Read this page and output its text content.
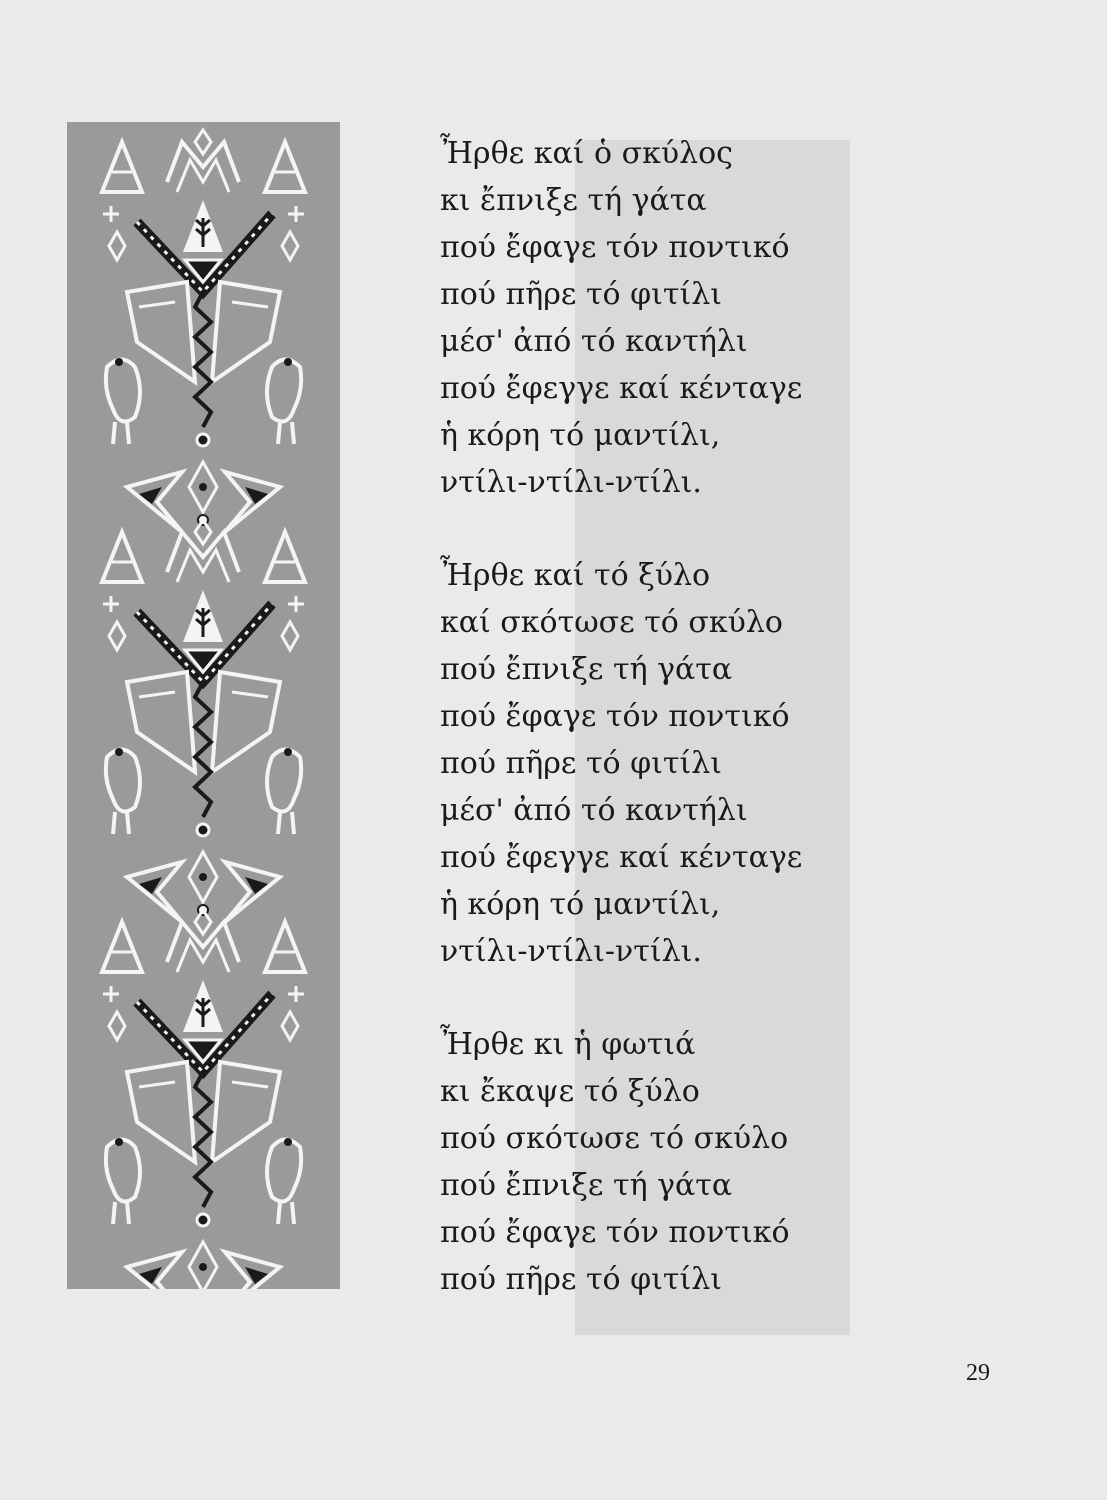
Ἦρθε καί ὁ σκύλος
κι ἔπνιξε τή γάτα
πού ἔφαγε τόν ποντικό
πού πῆρε τό φιτίλι
μέσ' ἀπό τό καντήλι
πού ἔφεγγε καί κένταγε
ἡ κόρη τό μαντίλι,
ντίλι-ντίλι-ντίλι.
Ἦρθε καί τό ξύλο
καί σκότωσε τό σκύλο
πού ἔπνιξε τή γάτα
πού ἔφαγε τόν ποντικό
πού πῆρε τό φιτίλι
μέσ' ἀπό τό καντήλι
πού ἔφεγγε καί κένταγε
ἡ κόρη τό μαντίλι,
ντίλι-ντίλι-ντίλι.
Ἦρθε κι ἡ φωτιά
κι ἔκαψε τό ξύλο
πού σκότωσε τό σκύλο
πού ἔπνιξε τή γάτα
πού ἔφαγε τόν ποντικό
πού πῆρε τό φιτίλι
29
